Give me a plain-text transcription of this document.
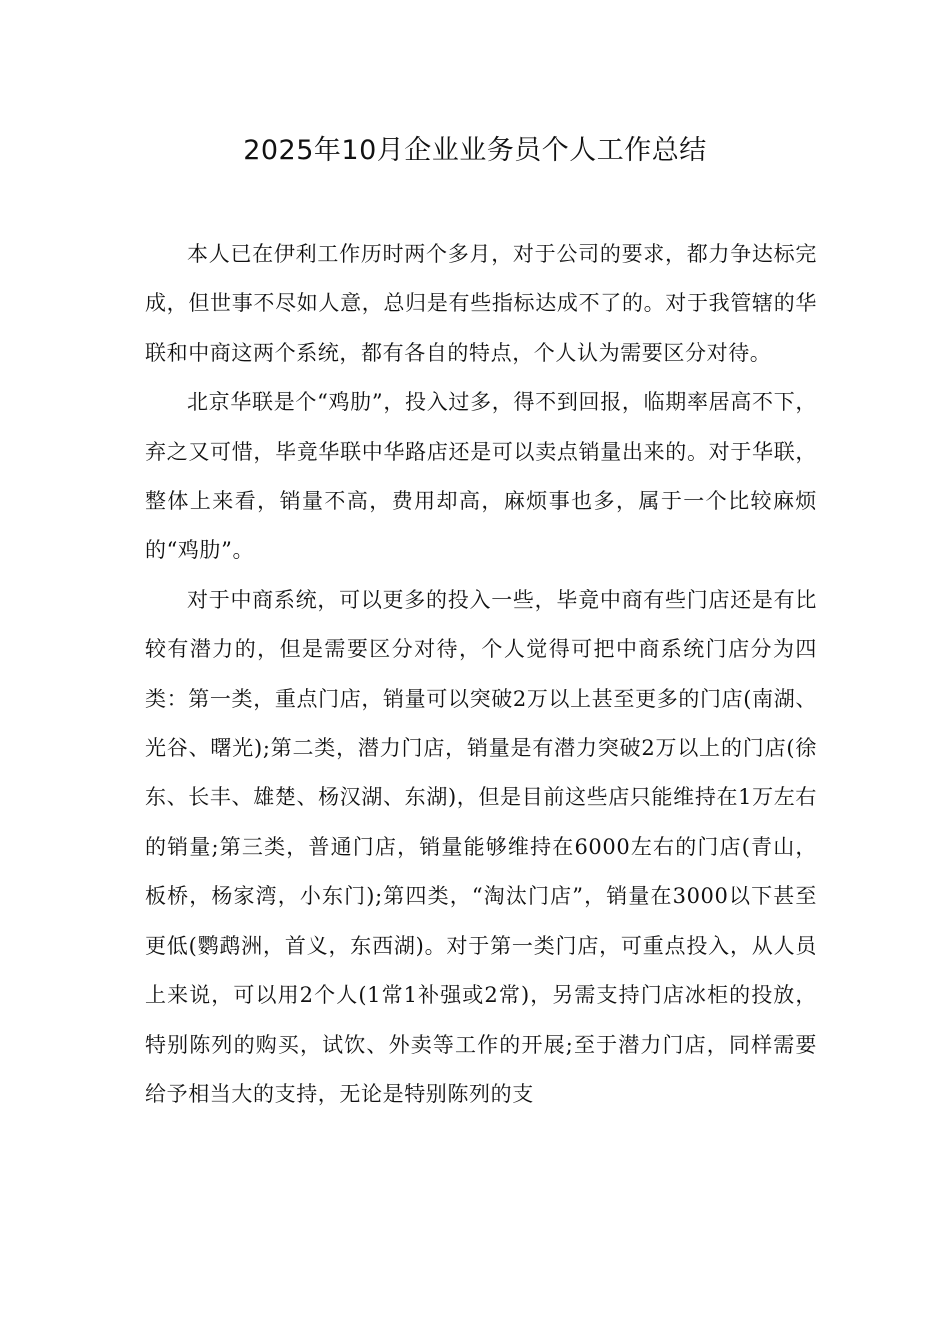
2025年10月企业业务员个人工作总结

本人已在伊利工作历时两个多月，对于公司的要求，都力争达标完成，但世事不尽如人意，总归是有些指标达成不了的。对于我管辖的华联和中商这两个系统，都有各自的特点，个人认为需要区分对待。

北京华联是个“鸡肋”，投入过多，得不到回报，临期率居高不下，弃之又可惜，毕竟华联中华路店还是可以卖点销量出来的。对于华联，整体上来看，销量不高，费用却高，麻烦事也多，属于一个比较麻烦的“鸡肋”。

对于中商系统，可以更多的投入一些，毕竟中商有些门店还是有比较有潜力的，但是需要区分对待，个人觉得可把中商系统门店分为四类：第一类，重点门店，销量可以突破2万以上甚至更多的门店(南湖、光谷、曙光);第二类，潜力门店，销量是有潜力突破2万以上的门店(徐东、长丰、雄楚、杨汉湖、东湖)，但是目前这些店只能维持在1万左右的销量;第三类，普通门店，销量能够维持在6000左右的门店(青山，板桥，杨家湾，小东门);第四类，“淘汰门店”，销量在3000以下甚至更低(鹦鹉洲，首义，东西湖)。对于第一类门店，可重点投入，从人员上来说，可以用2个人(1常1补强或2常)，另需支持门店冰柜的投放，特别陈列的购买，试饮、外卖等工作的开展;至于潜力门店，同样需要给予相当大的支持，无论是特别陈列的支
